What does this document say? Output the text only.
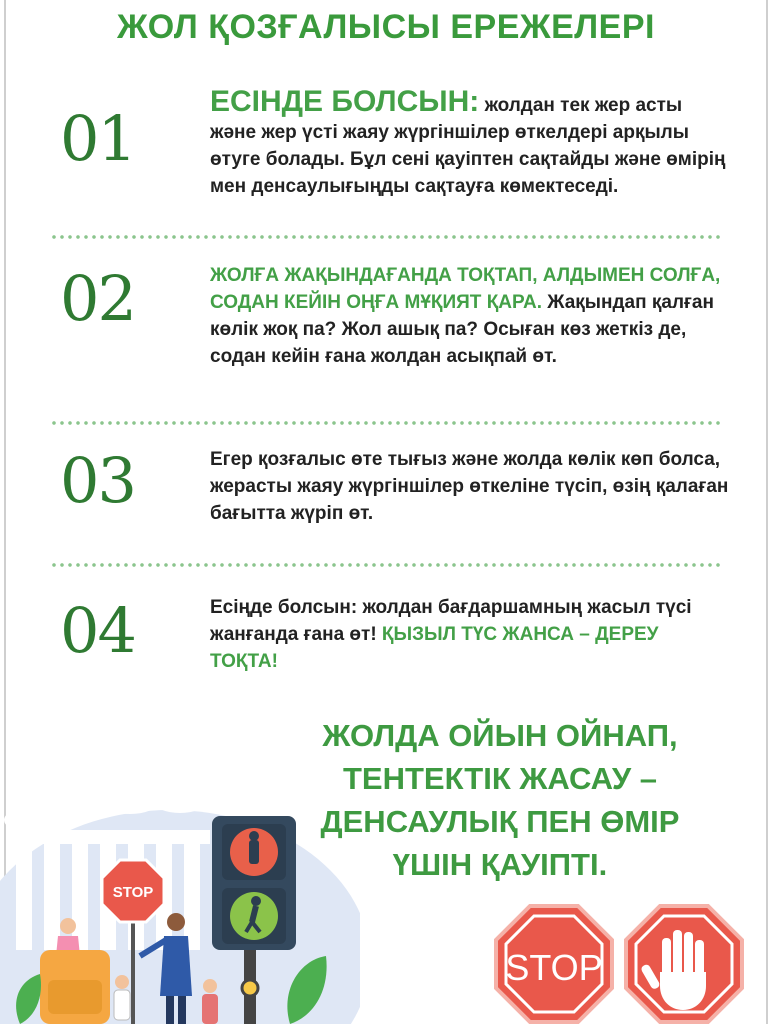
ЖОЛ ҚОЗҒАЛЫСЫ ЕРЕЖЕЛЕРІ
01
ЕСІНДЕ БОЛСЫН: жолдан тек жер асты және жер үсті жаяу жүргіншілер өткелдері арқылы өтуге болады. Бұл сені қауіптен сақтайды және өмірің мен денсаулығыңды сақтауға көмектеседі.
02	ЖОЛҒА ЖАҚЫНДАҒАНДА ТОҚТАП, АЛДЫМЕН СОЛҒА, СОДАН КЕЙІН ОҢҒА МҰҚИЯТ ҚАРА. Жақындап қалған көлік жоқ па? Жол ашық па? Осыған көз жеткіз де, содан кейін ғана жолдан асықпай өт.
03	Егер қозғалыс өте тығыз және жолда көлік көп болса, жерасты жаяу жүргіншілер өткеліне түсіп, өзің қалаған бағытта жүріп өт.
04	Есіңде болсын: жолдан бағдаршамның жасыл түсі жанғанда ғана өт! ҚЫЗЫЛ ТҮС ЖАНСА – ДЕРЕУ ТОҚТА!
ЖОЛДА ОЙЫН ОЙНАП,
ТЕНТЕКТІК ЖАСАУ –
ДЕНСАУЛЫҚ ПЕН ӨМІР
ҮШІН ҚАУІПТІ.
STOP
STOP
